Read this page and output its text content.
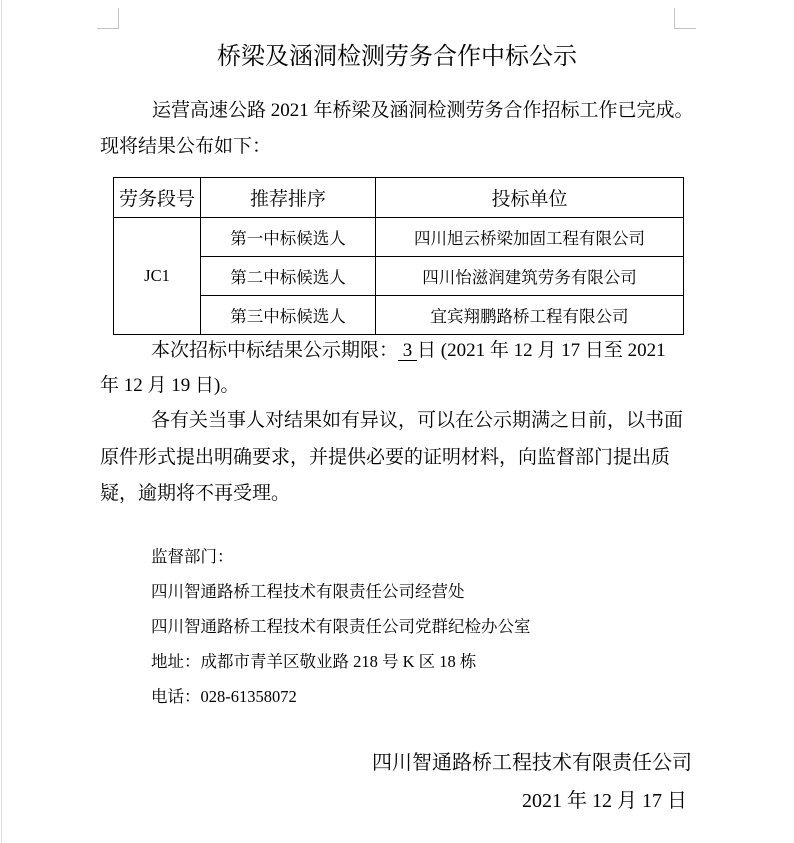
桥梁及涵洞检测劳务合作中标公示
运营高速公路 2021 年桥梁及涵洞检测劳务合作招标工作已完成。
现将结果公布如下：
劳务段号	推荐排序	投标单位
JC1	第一中标候选人	四川旭云桥梁加固工程有限公司
	第二中标候选人	四川怡滋润建筑劳务有限公司
	第三中标候选人	宜宾翔鹏路桥工程有限公司
本次招标中标结果公示期限： 3 日 (2021 年 12 月 17 日至 2021
年 12 月 19 日)。
各有关当事人对结果如有异议，可以在公示期满之日前，以书面
原件形式提出明确要求，并提供必要的证明材料，向监督部门提出质
疑，逾期将不再受理。
监督部门：
四川智通路桥工程技术有限责任公司经营处
四川智通路桥工程技术有限责任公司党群纪检办公室
地址：成都市青羊区敬业路 218 号 K 区 18 栋
电话：028-61358072
四川智通路桥工程技术有限责任公司
2021 年 12 月 17 日
